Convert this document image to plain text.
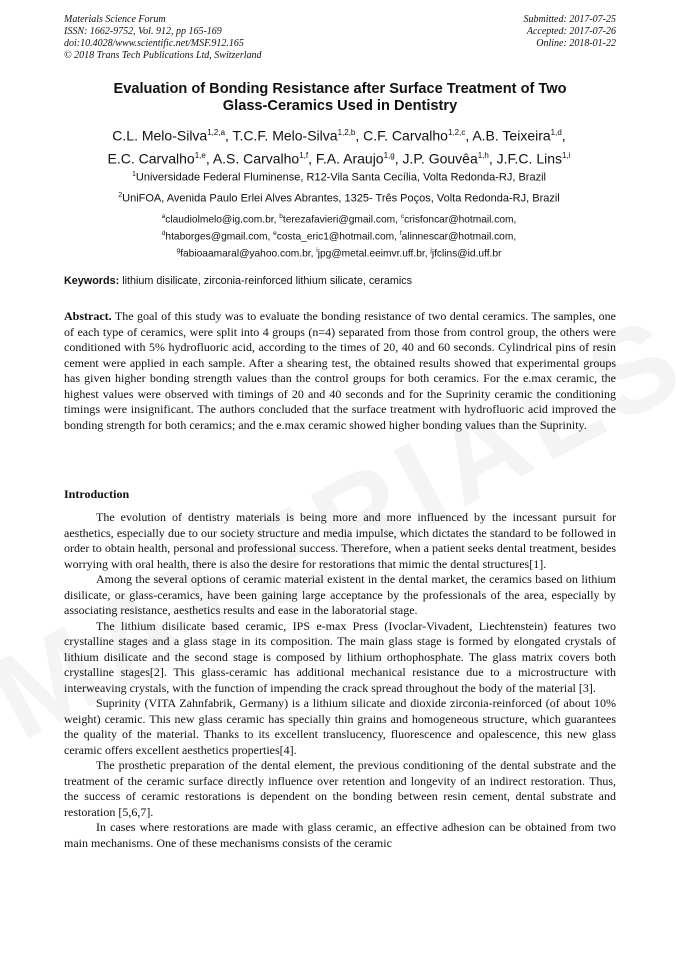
Materials Science Forum
ISSN: 1662-9752, Vol. 912, pp 165-169
doi:10.4028/www.scientific.net/MSF.912.165
© 2018 Trans Tech Publications Ltd, Switzerland
Submitted: 2017-07-25
Accepted: 2017-07-26
Online: 2018-01-22
Evaluation of Bonding Resistance after Surface Treatment of Two
Glass-Ceramics Used in Dentistry
C.L. Melo-Silva$^{1,2,a}$, T.C.F. Melo-Silva$^{1,2,b}$, C.F. Carvalho$^{1,2,c}$, A.B. Teixeira$^{1,d}$,
E.C. Carvalho$^{1,e}$, A.S. Carvalho$^{1,f}$, F.A. Araujo$^{1,g}$, J.P. Gouvêa$^{1,h}$, J.F.C. Lins$^{1,i}$
$^1$Universidade Federal Fluminense, R12-Vila Santa Cecília, Volta Redonda-RJ, Brazil
$^2$UniFOA, Avenida Paulo Erlei Alves Abrantes, 1325- Três Poços, Volta Redonda-RJ, Brazil
$^a$claudiolmelo@ig.com.br, $^b$terezafavieri@gmail.com, $^c$crisfoncar@hotmail.com,
$^d$htaborges@gmail.com, $^e$costa_eric1@hotmail.com, $^f$alinnescar@hotmail.com,
$^g$fabioaamaral@yahoo.com.br, $^i$jpg@metal.eeimvr.uff.br, $^j$jfclins@id.uff.br
Keywords: lithium disilicate, zirconia-reinforced lithium silicate, ceramics

Abstract. The goal of this study was to evaluate the bonding resistance of two dental ceramics. The samples, one of each type of ceramics, were split into 4 groups (n=4) separated from those from control group, the others were conditioned with 5% hydrofluoric acid, according to the times of 20, 40 and 60 seconds. Cylindrical pins of resin cement were applied in each sample. After a shearing test, the obtained results showed that experimental groups has given higher bonding strength values than the control groups for both ceramics. For the e.max ceramic, the highest values were observed with timings of 20 and 40 seconds and for the Suprinity ceramic the conditioning timings were insignificant. The authors concluded that the surface treatment with hydrofluoric acid improved the bonding strength for both ceramics; and the e.max ceramic showed higher bonding values than the Suprinity.

Introduction

The evolution of dentistry materials is being more and more influenced by the incessant pursuit for aesthetics, especially due to our society structure and media impulse, which dictates the standard to be followed in order to obtain health, personal and professional success. Therefore, when a patient seeks dental treatment, besides worrying with oral health, there is also the desire for restorations that mimic the dental structures[1].

Among the several options of ceramic material existent in the dental market, the ceramics based on lithium disilicate, or glass-ceramics, have been gaining large acceptance by the professionals of the area, especially by associating resistance, aesthetics results and ease in the laboratorial stage.

The lithium disilicate based ceramic, IPS e-max Press (Ivoclar-Vivadent, Liechtenstein) features two crystalline stages and a glass stage in its composition. The main glass stage is formed by elongated crystals of lithium disilicate and the second stage is composed by lithium orthophosphate. The glass matrix covers both crystalline stages[2]. This glass-ceramic has additional mechanical resistance due to a microstructure with interweaving crystals, with the function of impending the crack spread throughout the body of the material [3].

Suprinity (VITA Zahnfabrik, Germany) is a lithium silicate and dioxide zirconia-reinforced (of about 10% weight) ceramic. This new glass ceramic has specially thin grains and homogeneous structure, which guarantees the quality of the material. Thanks to its excellent translucency, fluorescence and opalescence, this new glass ceramic offers excellent aesthetics properties[4].

The prosthetic preparation of the dental element, the previous conditioning of the dental substrate and the treatment of the ceramic surface directly influence over retention and longevity of an indirect restoration. Thus, the success of ceramic restorations is dependent on the bonding between resin cement, dental substrate and restoration [5,6,7].

In cases where restorations are made with glass ceramic, an effective adhesion can be obtained from two main mechanisms. One of these mechanisms consists of the ceramic
